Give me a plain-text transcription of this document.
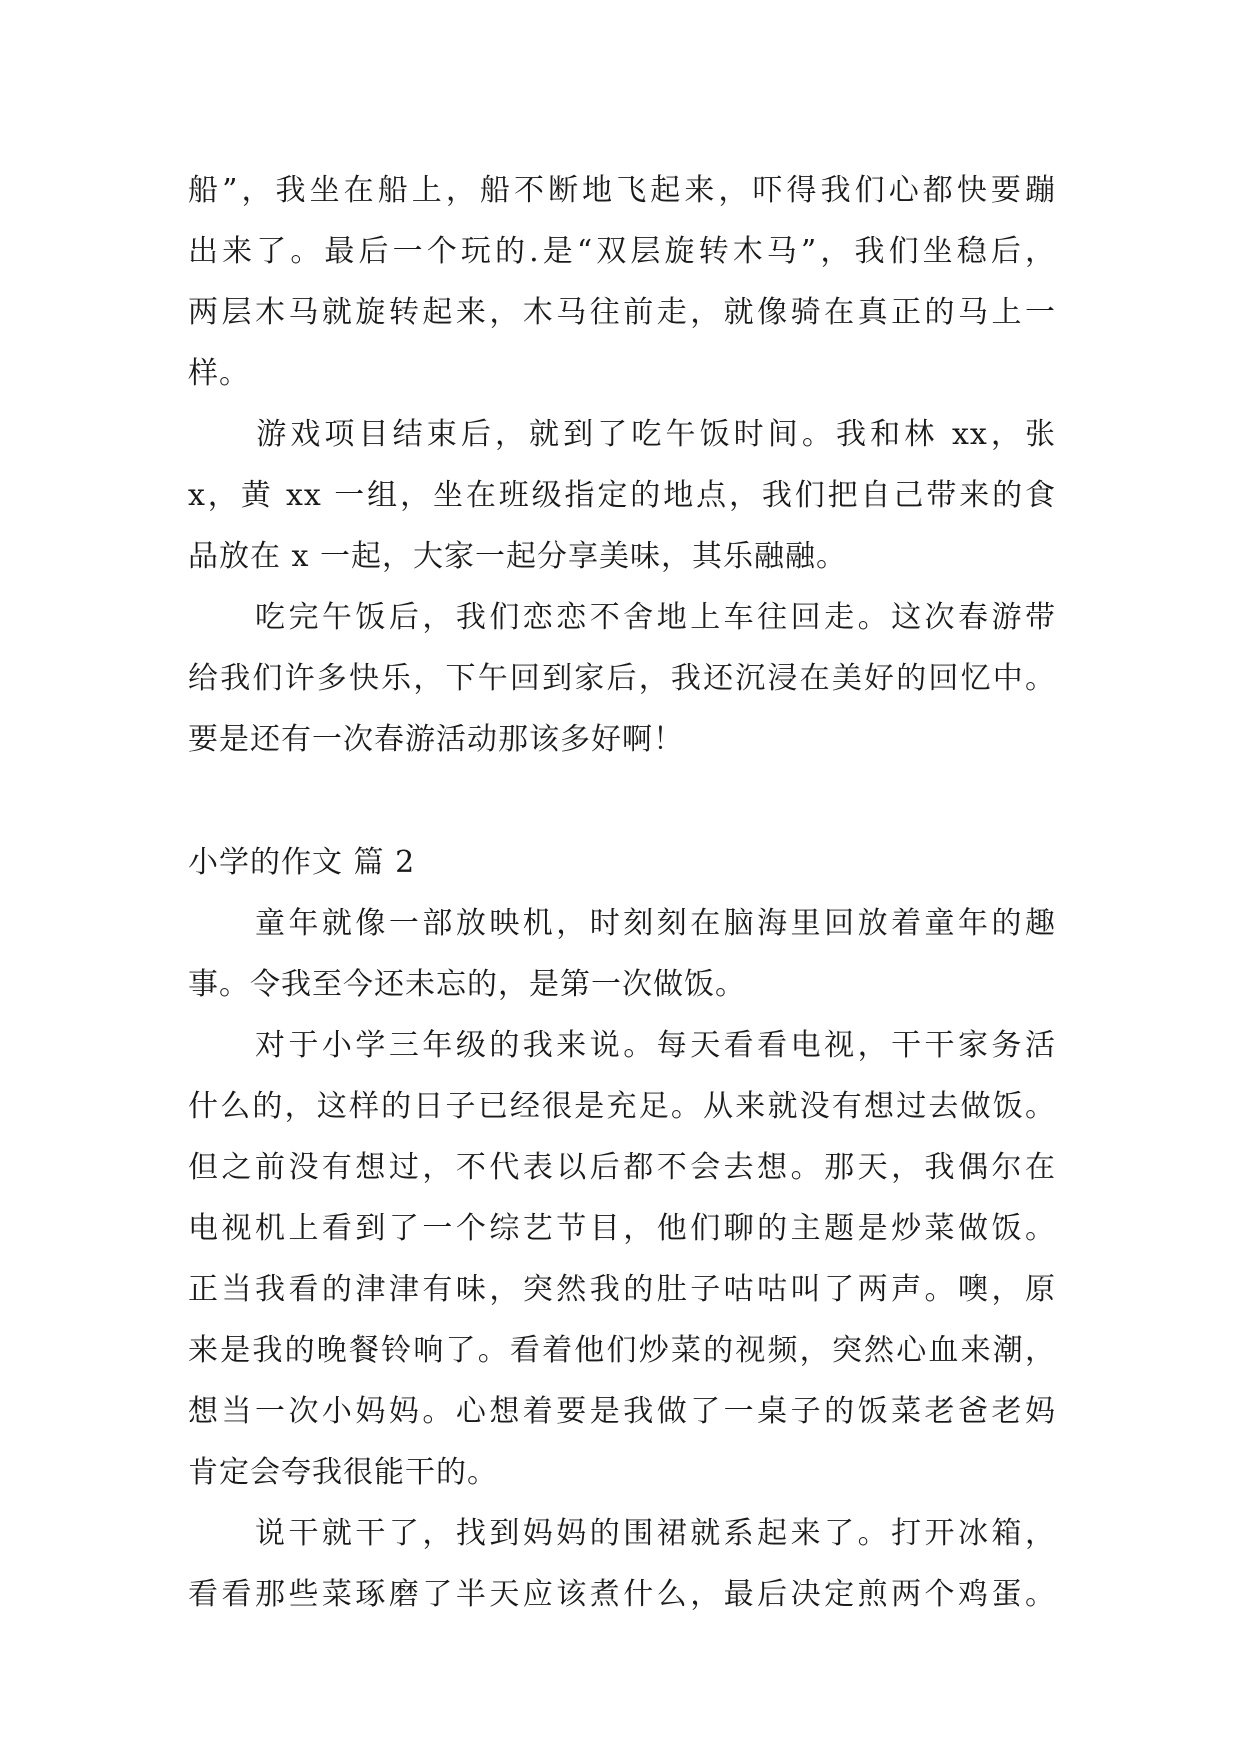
船”，我坐在船上，船不断地飞起来，吓得我们心都快要蹦
出来了。最后一个玩的.是“双层旋转木马”，我们坐稳后，
两层木马就旋转起来，木马往前走，就像骑在真正的马上一
样。
　　游戏项目结束后，就到了吃午饭时间。我和林 xx，张
x，黄 xx 一组，坐在班级指定的地点，我们把自己带来的食
品放在 x 一起，大家一起分享美味，其乐融融。
　　吃完午饭后，我们恋恋不舍地上车往回走。这次春游带
给我们许多快乐，下午回到家后，我还沉浸在美好的回忆中。
要是还有一次春游活动那该多好啊！

小学的作文 篇 2

　　童年就像一部放映机，时刻刻在脑海里回放着童年的趣
事。令我至今还未忘的，是第一次做饭。
　　对于小学三年级的我来说。每天看看电视，干干家务活
什么的，这样的日子已经很是充足。从来就没有想过去做饭。
但之前没有想过，不代表以后都不会去想。那天，我偶尔在
电视机上看到了一个综艺节目，他们聊的主题是炒菜做饭。
正当我看的津津有味，突然我的肚子咕咕叫了两声。噢，原
来是我的晚餐铃响了。看着他们炒菜的视频，突然心血来潮，
想当一次小妈妈。心想着要是我做了一桌子的饭菜老爸老妈
肯定会夸我很能干的。
　　说干就干了，找到妈妈的围裙就系起来了。打开冰箱，
看看那些菜琢磨了半天应该煮什么，最后决定煎两个鸡蛋。
